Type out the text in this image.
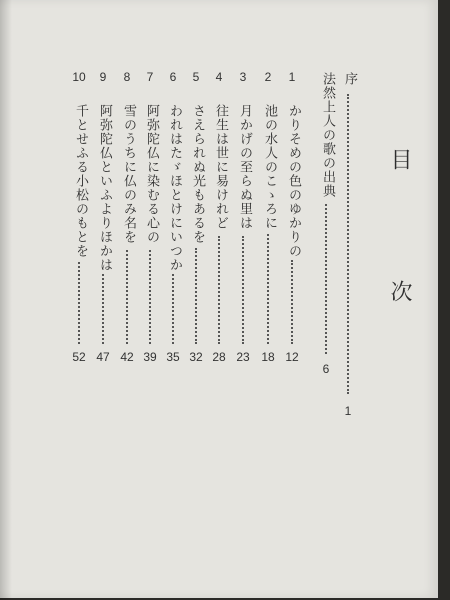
目　次
序
1
法然上人の歌の出典
6
1
かりそめの色のゆかりの
12
2
池の水人のこゝろに
18
3
月かげの至らぬ里は
23
4
往生は世に易けれど
28
5
さえられぬ光もあるを
32
6
われはたゞほとけにいつか
35
7
阿弥陀仏に染むる心の
39
8
雪のうちに仏のみ名を
42
9
阿弥陀仏といふよりほかは
47
10
千とせふる小松のもとを
52
